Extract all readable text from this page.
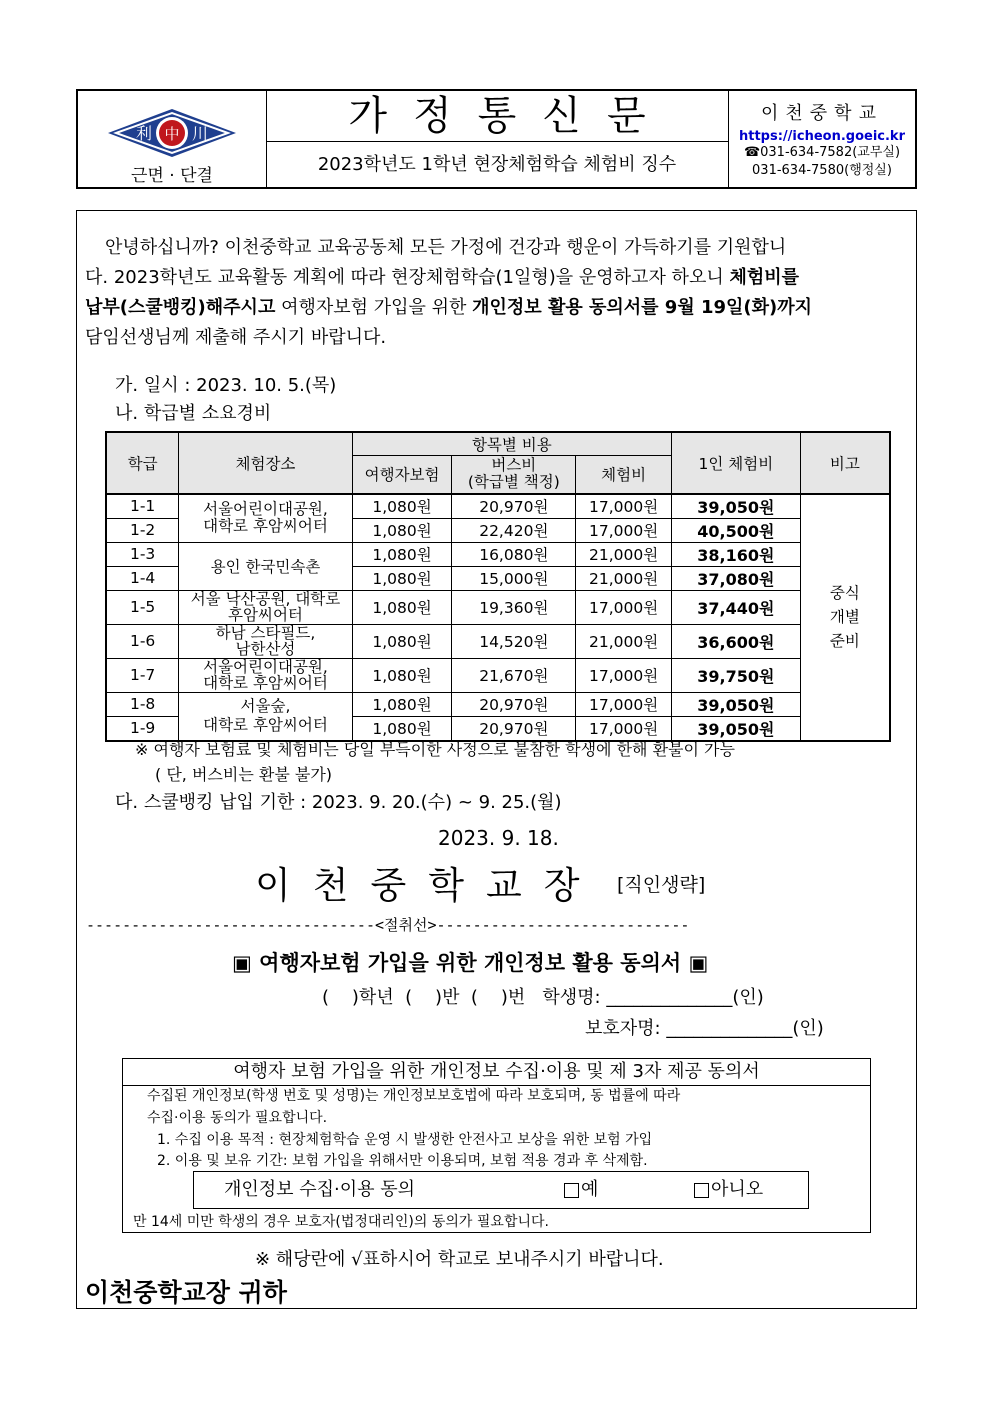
利 中 川
근면 · 단결
가정통신문
2023학년도 1학년 현장체험학습 체험비 징수
이천중학교
https://icheon.goeic.kr
☎031-634-7582(교무실)
031-634-7580(행정실)
안녕하십니까? 이천중학교 교육공동체 모든 가정에 건강과 행운이 가득하기를 기원합니
다. 2023학년도 교육활동 계획에 따라 현장체험학습(1일형)을 운영하고자 하오니 체험비를
납부(스쿨뱅킹)해주시고 여행자보험 가입을 위한 개인정보 활용 동의서를 9월 19일(화)까지
담임선생님께 제출해 주시기 바랍니다.
가. 일시 : 2023. 10. 5.(목)
나. 학급별 소요경비
학급	체험장소	항목별 비용			1인 체험비	비고
		여행자보험	버스비
(학급별 책정)	체험비		
1-1	서울어린이대공원,
대학로 후암씨어터	1,080원	20,970원	17,000원	39,050원	중식
개별
준비
1-2		1,080원	22,420원	17,000원	40,500원	
1-3	용인 한국민속촌	1,080원	16,080원	21,000원	38,160원	
1-4		1,080원	15,000원	21,000원	37,080원	
1-5	서울 낙산공원, 대학로
후암씨어터	1,080원	19,360원	17,000원	37,440원	
1-6	하남 스타필드,
남한산성	1,080원	14,520원	21,000원	36,600원	
1-7	서울어린이대공원,
대학로 후암씨어터	1,080원	21,670원	17,000원	39,750원	
1-8	서울숲,
대학로 후암씨어터	1,080원	20,970원	17,000원	39,050원	
1-9		1,080원	20,970원	17,000원	39,050원	
※ 여행자 보험료 및 체험비는 당일 부득이한 사정으로 불참한 학생에 한해 환불이 가능
( 단, 버스비는 환불 불가)
다. 스쿨뱅킹 납입 기한 : 2023. 9. 20.(수) ~ 9. 25.(월)
2023. 9. 18.
이천중학교장 [직인생략]
--------------------------------<절취선>----------------------------
▣ 여행자보험 가입을 위한 개인정보 활용 동의서 ▣
(    )학년  (    )반  (    )번   학생명: ______________(인)
보호자명: ______________(인)
여행자 보험 가입을 위한 개인정보 수집·이용 및 제 3자 제공 동의서
수집된 개인정보(학생 번호 및 성명)는 개인정보보호법에 따라 보호되며, 동 법률에 따라
수집·이용 동의가 필요합니다.
1. 수집 이용 목적 : 현장체험학습 운영 시 발생한 안전사고 보상을 위한 보험 가입
2. 이용 및 보유 기간: 보험 가입을 위해서만 이용되며, 보험 적용 경과 후 삭제함.
개인정보 수집·이용 동의	예	아니오
만 14세 미만 학생의 경우 보호자(법정대리인)의 동의가 필요합니다.
※ 해당란에 √표하시어 학교로 보내주시기 바랍니다.
이천중학교장 귀하
